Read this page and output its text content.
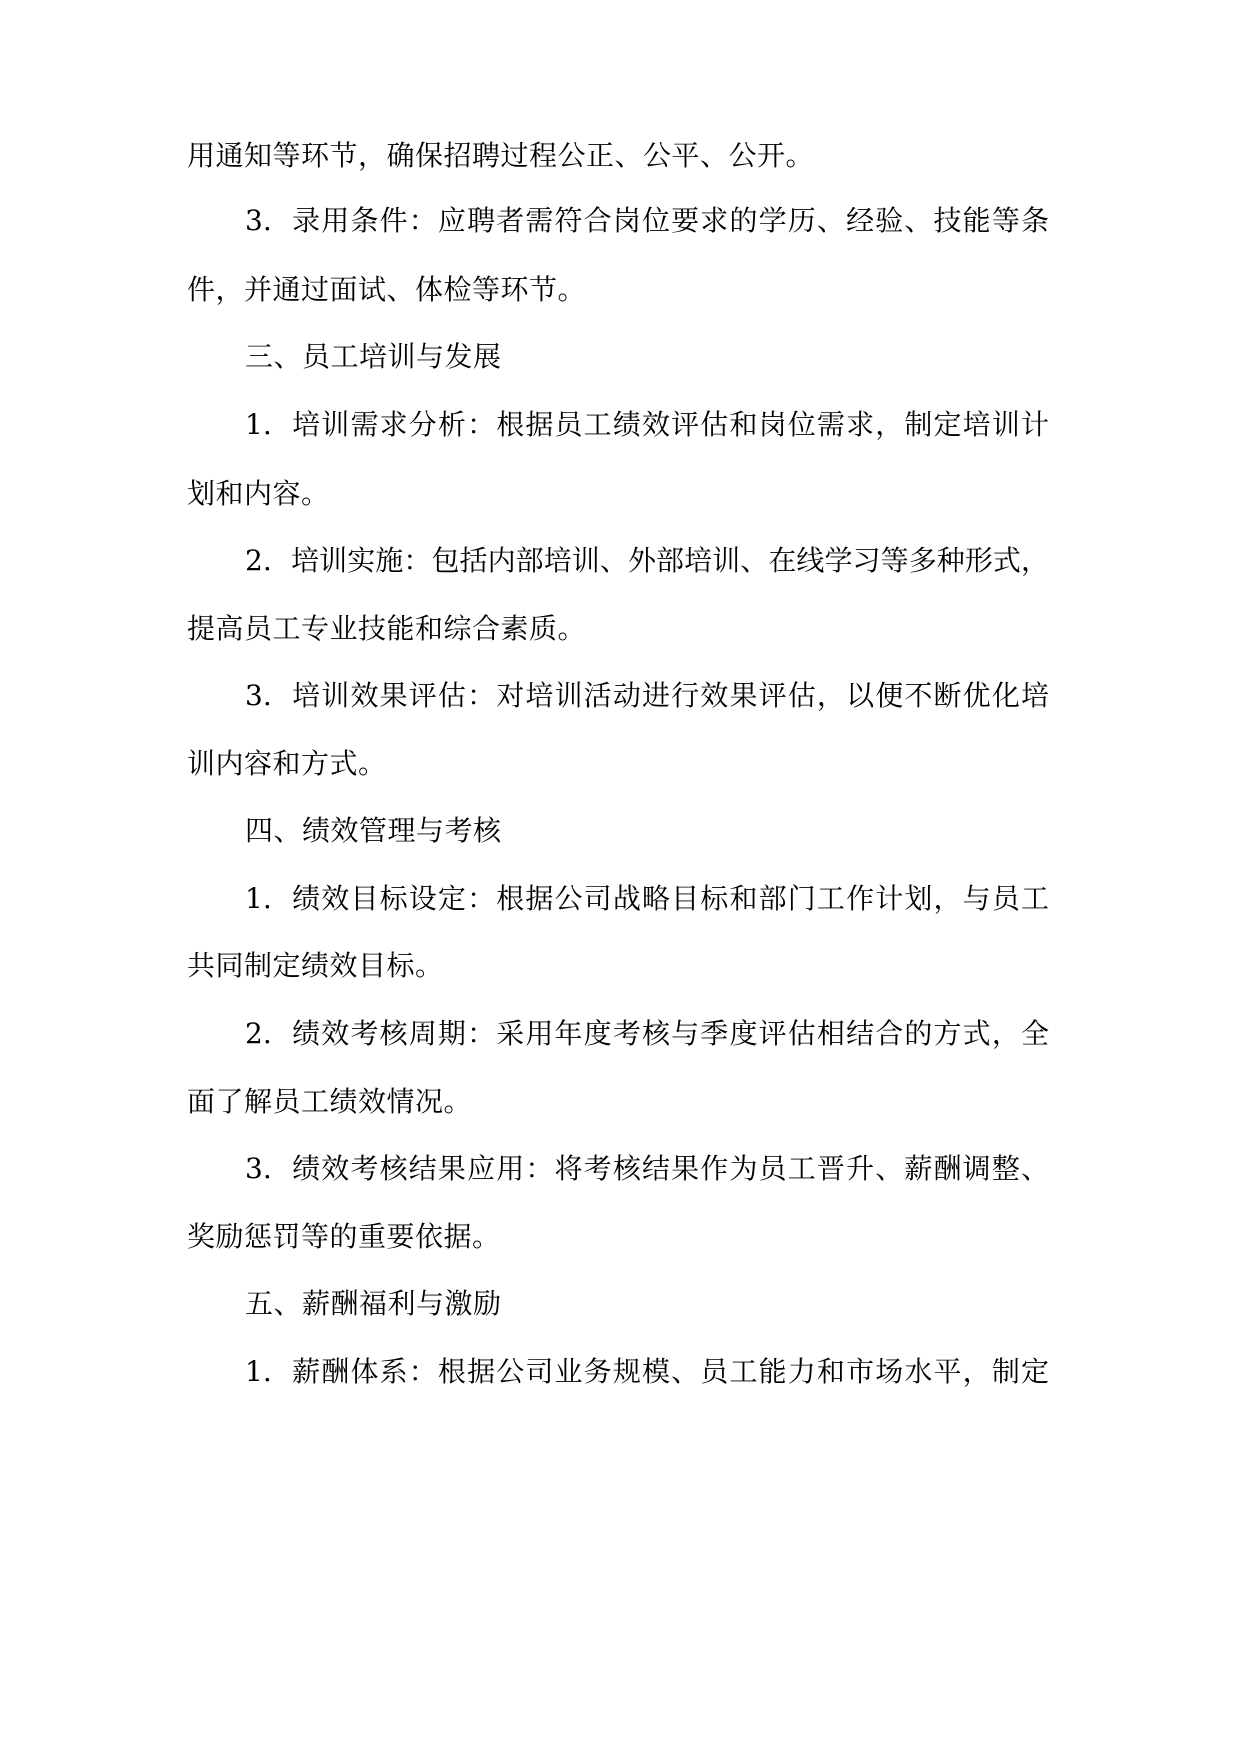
用通知等环节，确保招聘过程公正、公平、公开。
3. 录用条件：应聘者需符合岗位要求的学历、经验、技能等条
件，并通过面试、体检等环节。
三、员工培训与发展
1. 培训需求分析：根据员工绩效评估和岗位需求，制定培训计
划和内容。
2. 培训实施：包括内部培训、外部培训、在线学习等多种形式，
提高员工专业技能和综合素质。
3. 培训效果评估：对培训活动进行效果评估，以便不断优化培
训内容和方式。
四、绩效管理与考核
1. 绩效目标设定：根据公司战略目标和部门工作计划，与员工
共同制定绩效目标。
2. 绩效考核周期：采用年度考核与季度评估相结合的方式，全
面了解员工绩效情况。
3. 绩效考核结果应用：将考核结果作为员工晋升、薪酬调整、
奖励惩罚等的重要依据。
五、薪酬福利与激励
1. 薪酬体系：根据公司业务规模、员工能力和市场水平，制定
